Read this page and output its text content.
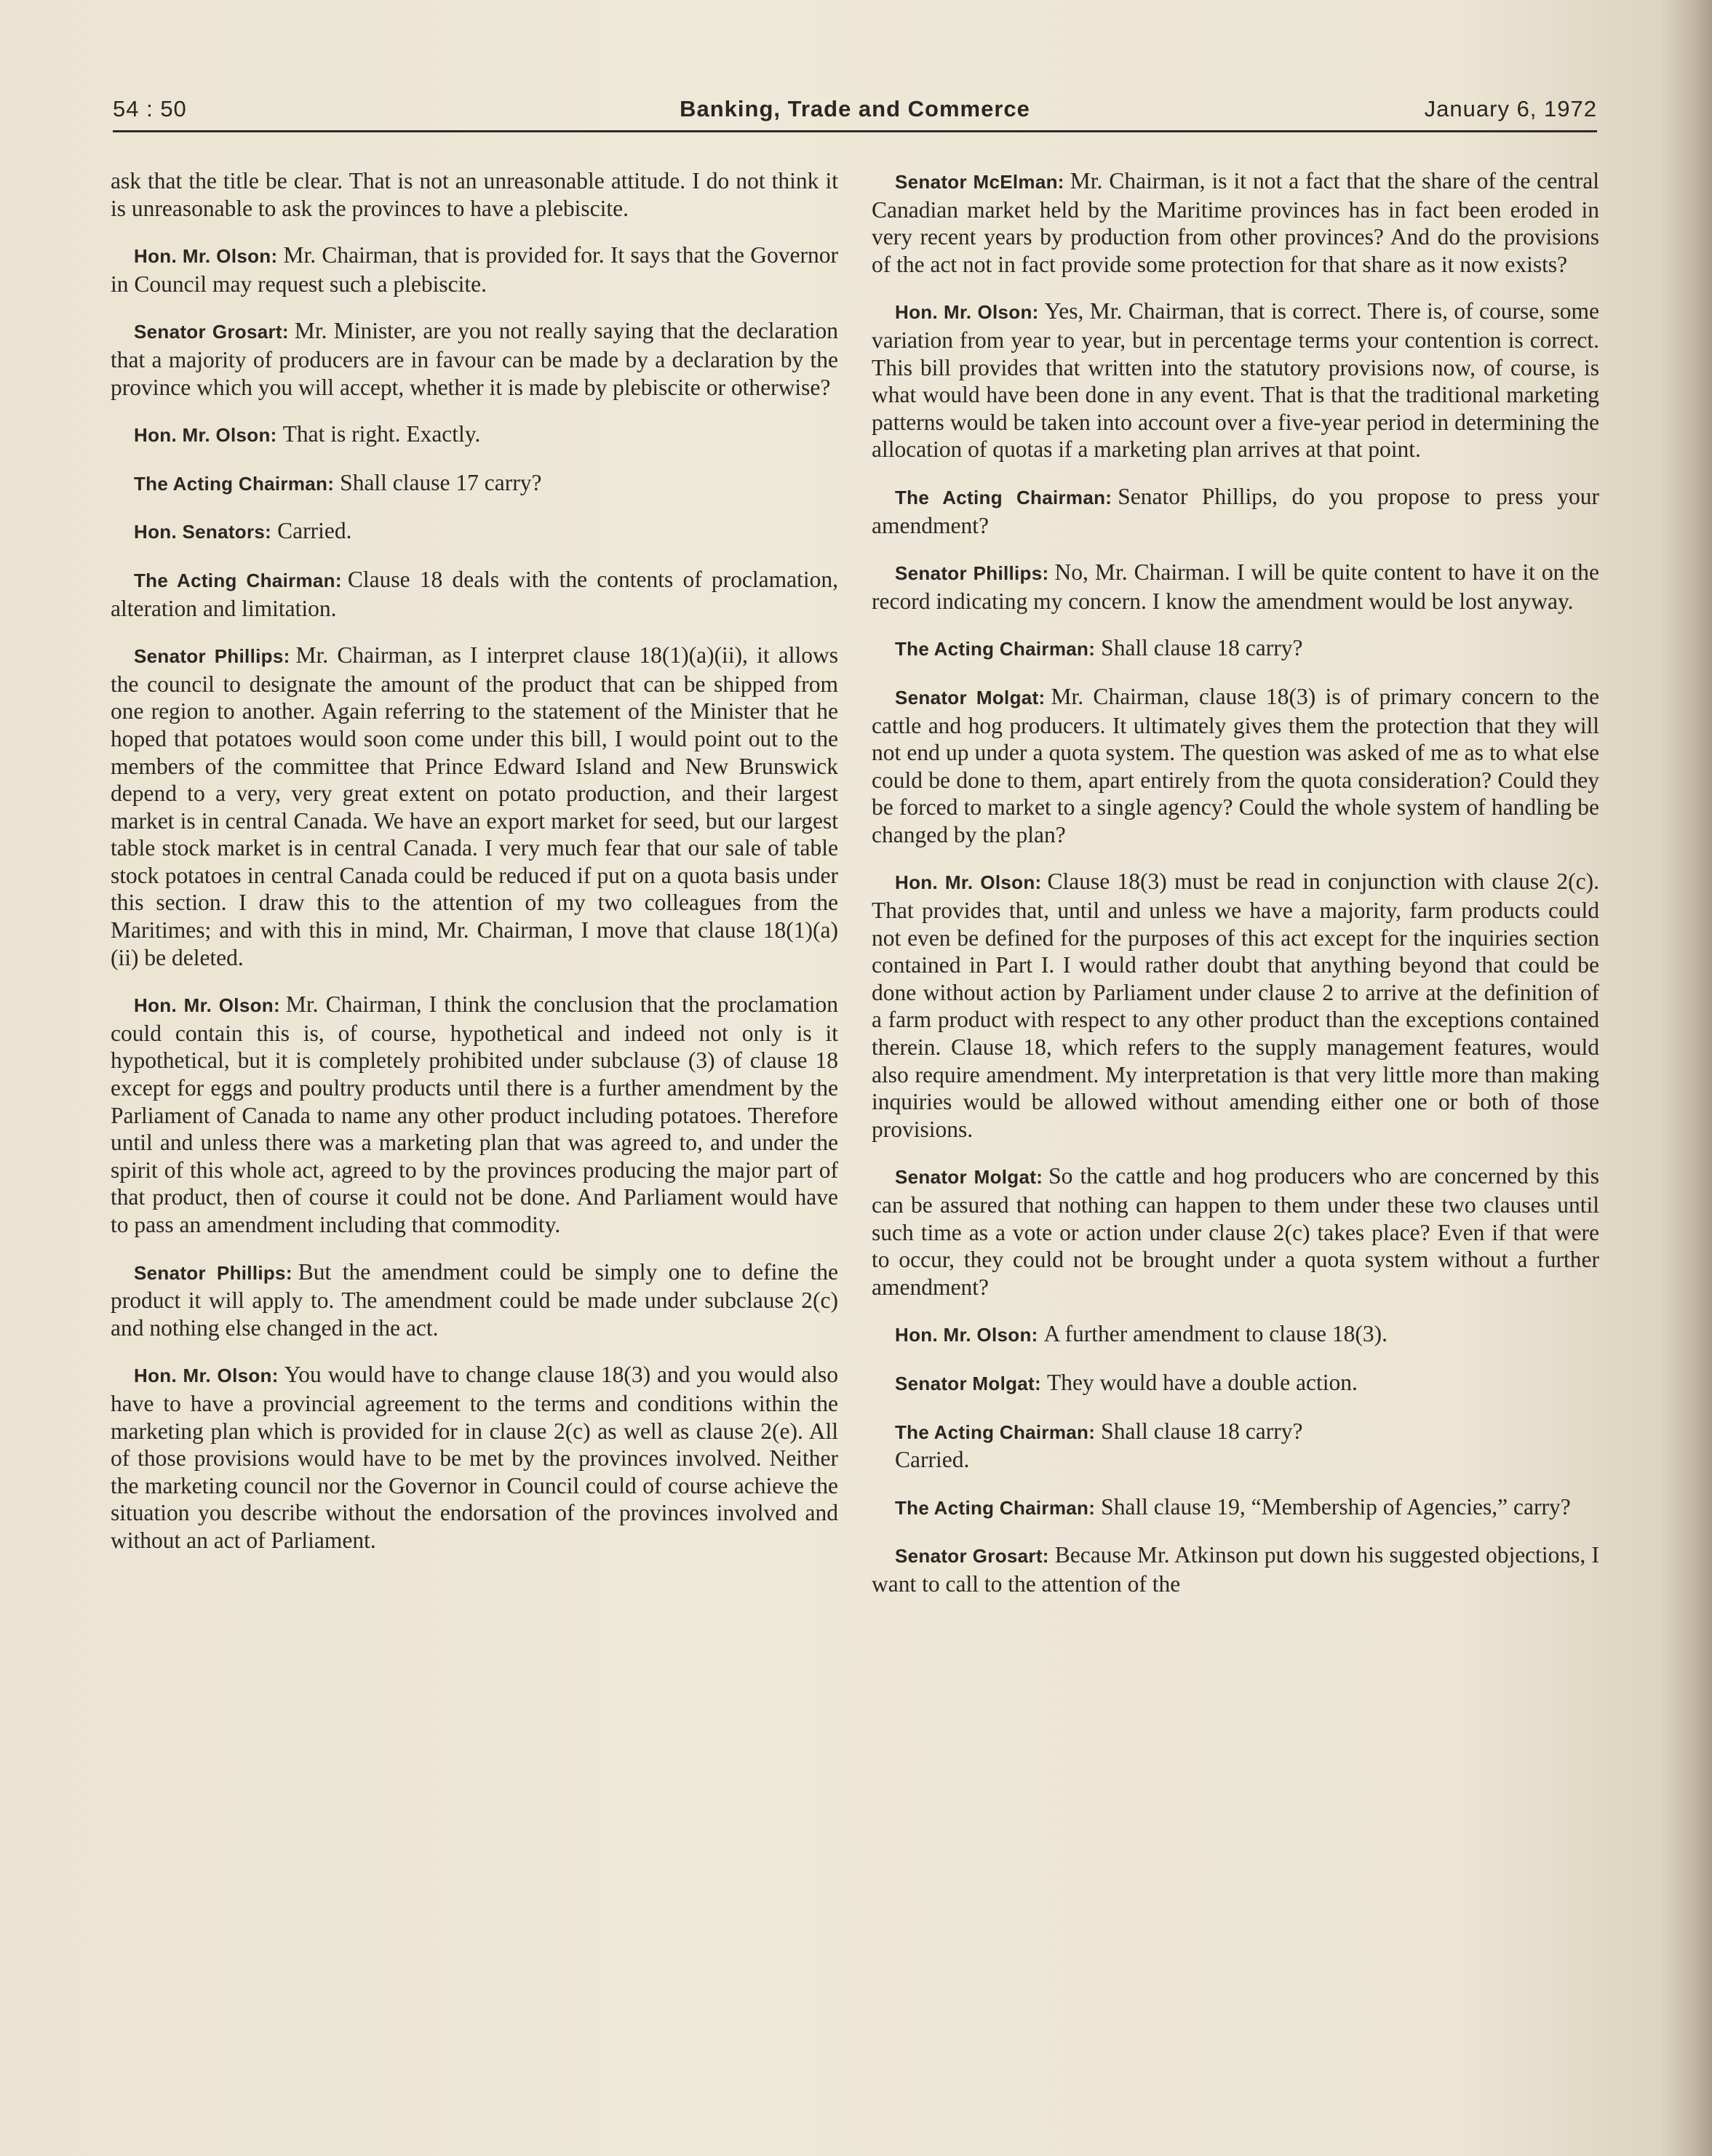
54 : 50	Banking, Trade and Commerce	January 6, 1972

ask that the title be clear. That is not an unreasonable attitude. I do not think it is unreasonable to ask the provinces to have a plebiscite.

Hon. Mr. Olson: Mr. Chairman, that is provided for. It says that the Governor in Council may request such a plebiscite.

Senator Grosart: Mr. Minister, are you not really saying that the declaration that a majority of producers are in favour can be made by a declaration by the province which you will accept, whether it is made by plebiscite or otherwise?

Hon. Mr. Olson: That is right. Exactly.

The Acting Chairman: Shall clause 17 carry?

Hon. Senators: Carried.

The Acting Chairman: Clause 18 deals with the contents of proclamation, alteration and limitation.

Senator Phillips: Mr. Chairman, as I interpret clause 18(1)(a)(ii), it allows the council to designate the amount of the product that can be shipped from one region to another. Again referring to the statement of the Minister that he hoped that potatoes would soon come under this bill, I would point out to the members of the committee that Prince Edward Island and New Brunswick depend to a very, very great extent on potato production, and their largest market is in central Canada. We have an export market for seed, but our largest table stock market is in central Canada. I very much fear that our sale of table stock potatoes in central Canada could be reduced if put on a quota basis under this section. I draw this to the attention of my two colleagues from the Maritimes; and with this in mind, Mr. Chairman, I move that clause 18(1)(a)(ii) be deleted.

Hon. Mr. Olson: Mr. Chairman, I think the conclusion that the proclamation could contain this is, of course, hypothetical and indeed not only is it hypothetical, but it is completely prohibited under subclause (3) of clause 18 except for eggs and poultry products until there is a further amendment by the Parliament of Canada to name any other product including potatoes. Therefore until and unless there was a marketing plan that was agreed to, and under the spirit of this whole act, agreed to by the provinces producing the major part of that product, then of course it could not be done. And Parliament would have to pass an amendment including that commodity.

Senator Phillips: But the amendment could be simply one to define the product it will apply to. The amendment could be made under subclause 2(c) and nothing else changed in the act.

Hon. Mr. Olson: You would have to change clause 18(3) and you would also have to have a provincial agreement to the terms and conditions within the marketing plan which is provided for in clause 2(c) as well as clause 2(e). All of those provisions would have to be met by the provinces involved. Neither the marketing council nor the Governor in Council could of course achieve the situation you describe without the endorsation of the provinces involved and without an act of Parliament.

Senator McElman: Mr. Chairman, is it not a fact that the share of the central Canadian market held by the Maritime provinces has in fact been eroded in very recent years by production from other provinces? And do the provisions of the act not in fact provide some protection for that share as it now exists?

Hon. Mr. Olson: Yes, Mr. Chairman, that is correct. There is, of course, some variation from year to year, but in percentage terms your contention is correct. This bill provides that written into the statutory provisions now, of course, is what would have been done in any event. That is that the traditional marketing patterns would be taken into account over a five-year period in determining the allocation of quotas if a marketing plan arrives at that point.

The Acting Chairman: Senator Phillips, do you propose to press your amendment?

Senator Phillips: No, Mr. Chairman. I will be quite content to have it on the record indicating my concern. I know the amendment would be lost anyway.

The Acting Chairman: Shall clause 18 carry?

Senator Molgat: Mr. Chairman, clause 18(3) is of primary concern to the cattle and hog producers. It ultimately gives them the protection that they will not end up under a quota system. The question was asked of me as to what else could be done to them, apart entirely from the quota consideration? Could they be forced to market to a single agency? Could the whole system of handling be changed by the plan?

Hon. Mr. Olson: Clause 18(3) must be read in conjunction with clause 2(c). That provides that, until and unless we have a majority, farm products could not even be defined for the purposes of this act except for the inquiries section contained in Part I. I would rather doubt that anything beyond that could be done without action by Parliament under clause 2 to arrive at the definition of a farm product with respect to any other product than the exceptions contained therein. Clause 18, which refers to the supply management features, would also require amendment. My interpretation is that very little more than making inquiries would be allowed without amending either one or both of those provisions.

Senator Molgat: So the cattle and hog producers who are concerned by this can be assured that nothing can happen to them under these two clauses until such time as a vote or action under clause 2(c) takes place? Even if that were to occur, they could not be brought under a quota system without a further amendment?

Hon. Mr. Olson: A further amendment to clause 18(3).

Senator Molgat: They would have a double action.

The Acting Chairman: Shall clause 18 carry?

Carried.

The Acting Chairman: Shall clause 19, “Membership of Agencies,” carry?

Senator Grosart: Because Mr. Atkinson put down his suggested objections, I want to call to the attention of the
